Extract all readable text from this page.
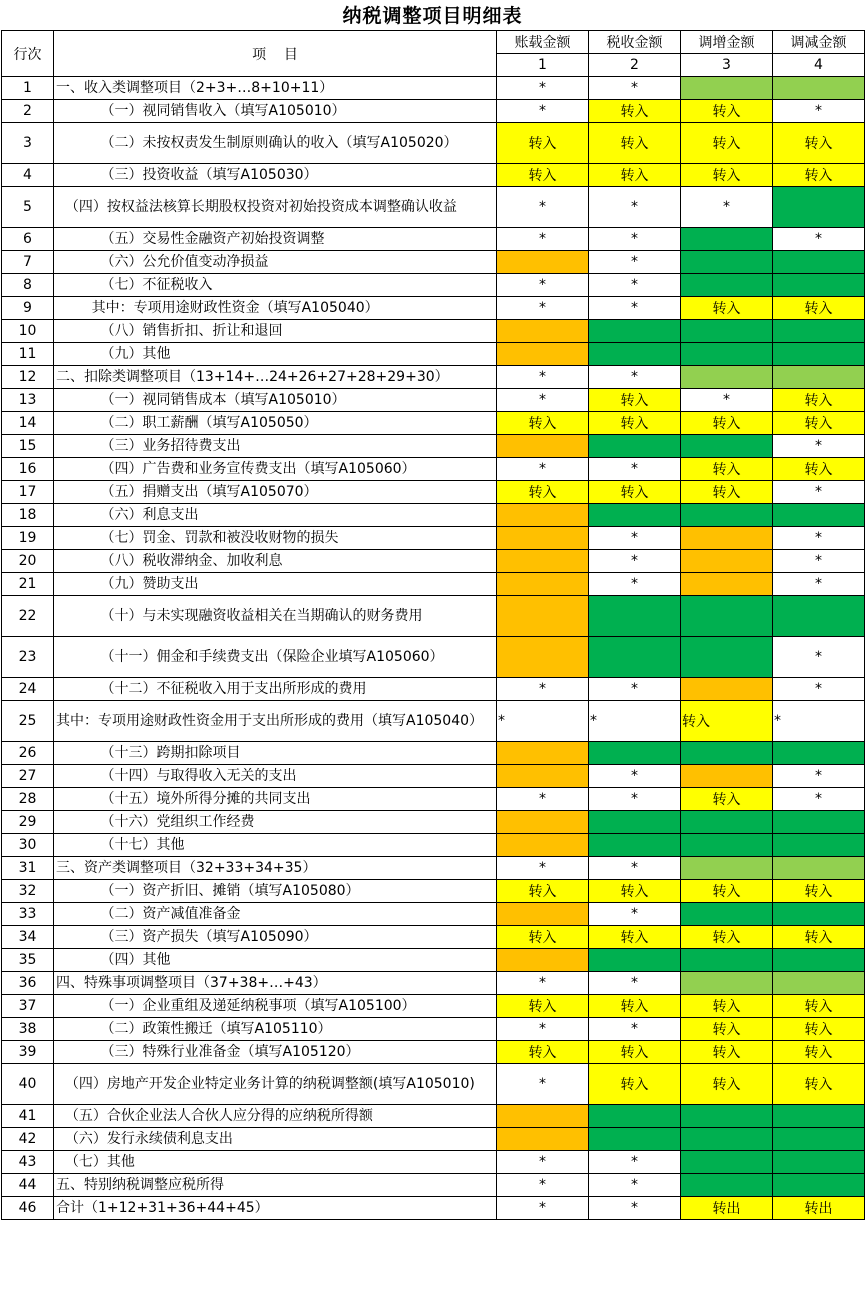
纳税调整项目明细表
行次	项    目	账载金额	税收金额	调增金额	调减金额
		1	2	3	4
1	一、收入类调整项目（2+3+…8+10+11）	*	*		
2	（一）视同销售收入（填写A105010）	*	转入	转入	*
3	（二）未按权责发生制原则确认的收入（填写A105020）	转入	转入	转入	转入
4	（三）投资收益（填写A105030）	转入	转入	转入	转入
5	（四）按权益法核算长期股权投资对初始投资成本调整确认收益	*	*	*	
6	（五）交易性金融资产初始投资调整	*	*		*
7	（六）公允价值变动净损益		*		
8	（七）不征税收入	*	*		
9	其中：专项用途财政性资金（填写A105040）	*	*	转入	转入
10	（八）销售折扣、折让和退回				
11	（九）其他				
12	二、扣除类调整项目（13+14+…24+26+27+28+29+30）	*	*		
13	（一）视同销售成本（填写A105010）	*	转入	*	转入
14	（二）职工薪酬（填写A105050）	转入	转入	转入	转入
15	（三）业务招待费支出				*
16	（四）广告费和业务宣传费支出（填写A105060）	*	*	转入	转入
17	（五）捐赠支出（填写A105070）	转入	转入	转入	*
18	（六）利息支出				
19	（七）罚金、罚款和被没收财物的损失		*		*
20	（八）税收滞纳金、加收利息		*		*
21	（九）赞助支出		*		*
22	（十）与未实现融资收益相关在当期确认的财务费用				
23	（十一）佣金和手续费支出（保险企业填写A105060）				*
24	（十二）不征税收入用于支出所形成的费用	*	*		*
25	其中：专项用途财政性资金用于支出所形成的费用（填写A105040）	*	*	转入	*
26	（十三）跨期扣除项目				
27	（十四）与取得收入无关的支出		*		*
28	（十五）境外所得分摊的共同支出	*	*	转入	*
29	（十六）党组织工作经费				
30	（十七）其他				
31	三、资产类调整项目（32+33+34+35）	*	*		
32	（一）资产折旧、摊销（填写A105080）	转入	转入	转入	转入
33	（二）资产减值准备金		*		
34	（三）资产损失（填写A105090）	转入	转入	转入	转入
35	（四）其他				
36	四、特殊事项调整项目（37+38+…+43）	*	*		
37	（一）企业重组及递延纳税事项（填写A105100）	转入	转入	转入	转入
38	（二）政策性搬迁（填写A105110）	*	*	转入	转入
39	（三）特殊行业准备金（填写A105120）	转入	转入	转入	转入
40	（四）房地产开发企业特定业务计算的纳税调整额(填写A105010)	*	转入	转入	转入
41	（五）合伙企业法人合伙人应分得的应纳税所得额				
42	（六）发行永续债利息支出				
43	（七）其他	*	*		
44	五、特别纳税调整应税所得	*	*		
46	合计（1+12+31+36+44+45）	*	*	转出	转出
